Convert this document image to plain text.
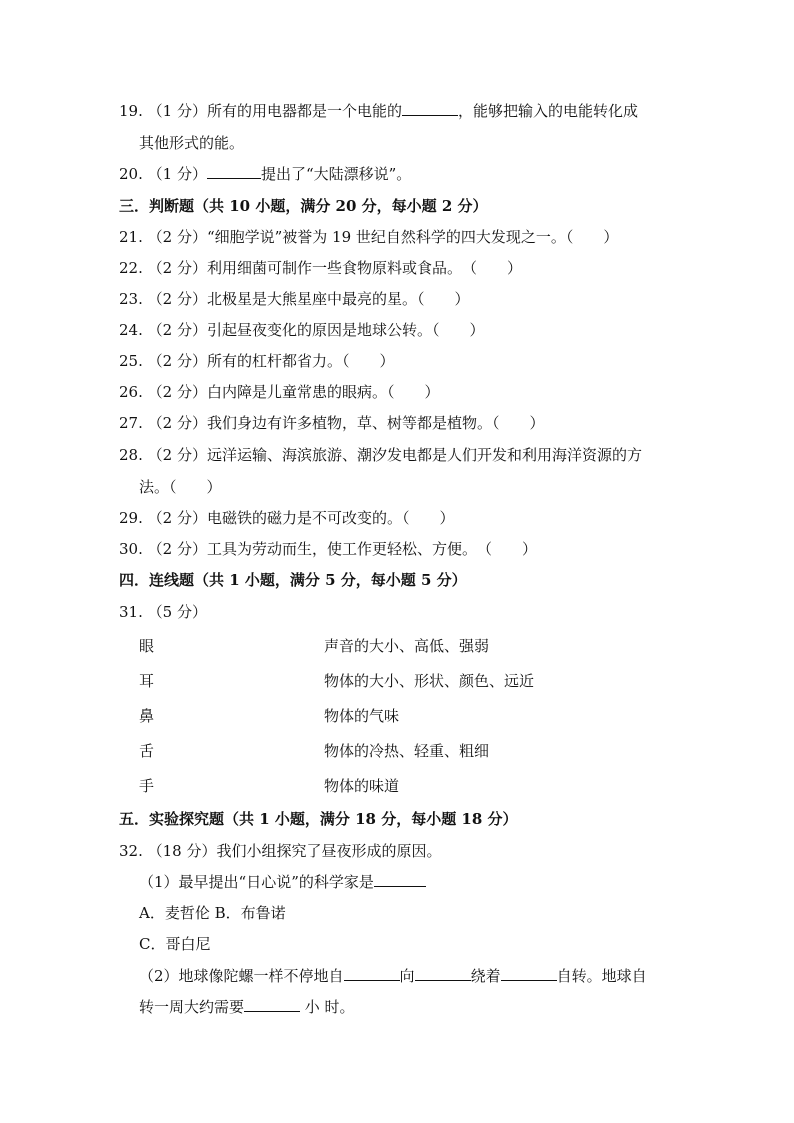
19. （1 分）所有的用电器都是一个电能的	，能够把输入的电能转化成
其他形式的能。
20. （1 分）	提出了“大陆漂移说”。
三．判断题（共 10 小题，满分 20 分，每小题 2 分）
21. （2 分）“细胞学说”被誉为 19 世纪自然科学的四大发现之一。（　　）
22. （2 分）利用细菌可制作一些食物原料或食品。　（　　）
23. （2 分）北极星是大熊星座中最亮的星。（　　）
24. （2 分）引起昼夜变化的原因是地球公转。（　　）
25. （2 分）所有的杠杆都省力。（　　）
26. （2 分）白内障是儿童常患的眼病。（　　）
27. （2 分）我们身边有许多植物，草、树等都是植物。（　　）
28. （2 分）远洋运输、海滨旅游、潮汐发电都是人们开发和利用海洋资源的方
法。（　　）
29. （2 分）电磁铁的磁力是不可改变的。（　　）
30. （2 分）工具为劳动而生，使工作更轻松、方便。　（　　）
四．连线题（共 1 小题，满分 5 分，每小题 5 分）
31. （5 分）
眼	声音的大小、高低、强弱
耳	物体的大小、形状、颜色、远近
鼻	物体的气味
舌	物体的冷热、轻重、粗细
手	物体的味道
五．实验探究题（共 1 小题，满分 18 分，每小题 18 分）
32. （18 分）我们小组探究了昼夜形成的原因。
（1）最早提出“日心说”的科学家是
A．麦哲伦 B．布鲁诺
C．哥白尼
（2）地球像陀螺一样不停地自	向	绕着	自转。地球自
转一周大约需要	小 时。
